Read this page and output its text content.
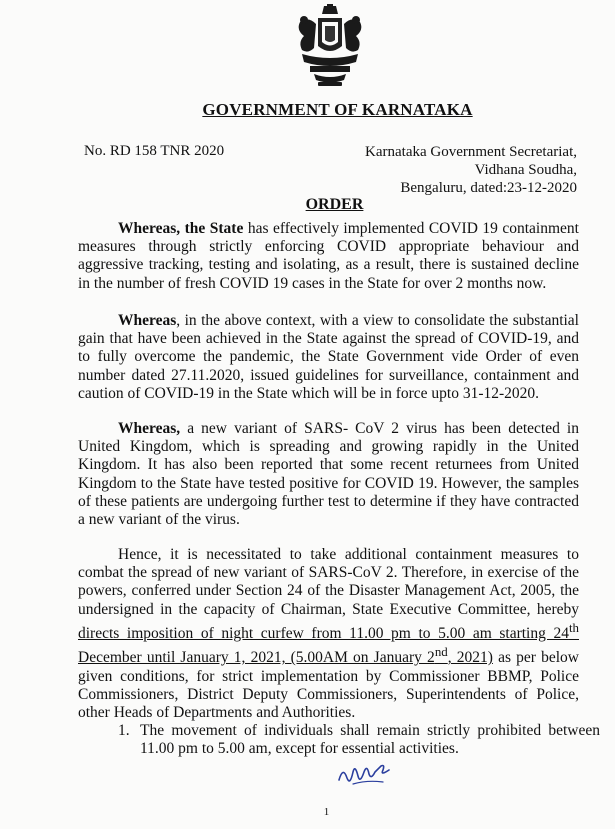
GOVERNMENT OF KARNATAKA
No. RD 158 TNR 2020	Karnataka Government Secretariat,
Vidhana Soudha,
Bengaluru, dated:23-12-2020
ORDER

Whereas, the State has effectively implemented COVID 19 containment measures through strictly enforcing COVID appropriate behaviour and aggressive tracking, testing and isolating, as a result, there is sustained decline in the number of fresh COVID 19 cases in the State for over 2 months now.

Whereas, in the above context, with a view to consolidate the substantial gain that have been achieved in the State against the spread of COVID-19, and to fully overcome the pandemic, the State Government vide Order of even number dated 27.11.2020, issued guidelines for surveillance, containment and caution of COVID-19 in the State which will be in force upto 31-12-2020.

Whereas, a new variant of SARS- CoV 2 virus has been detected in United Kingdom, which is spreading and growing rapidly in the United Kingdom. It has also been reported that some recent returnees from United Kingdom to the State have tested positive for COVID 19. However, the samples of these patients are undergoing further test to determine if they have contracted a new variant of the virus.

Hence, it is necessitated to take additional containment measures to combat the spread of new variant of SARS-CoV 2. Therefore, in exercise of the powers, conferred under Section 24 of the Disaster Management Act, 2005, the undersigned in the capacity of Chairman, State Executive Committee, hereby directs imposition of night curfew from 11.00 pm to 5.00 am starting 24th December until January 1, 2021, (5.00AM on January 2nd, 2021) as per below given conditions, for strict implementation by Commissioner BBMP, Police Commissioners, District Deputy Commissioners, Superintendents of Police, other Heads of Departments and Authorities.

1. The movement of individuals shall remain strictly prohibited between 11.00 pm to 5.00 am, except for essential activities.

1
